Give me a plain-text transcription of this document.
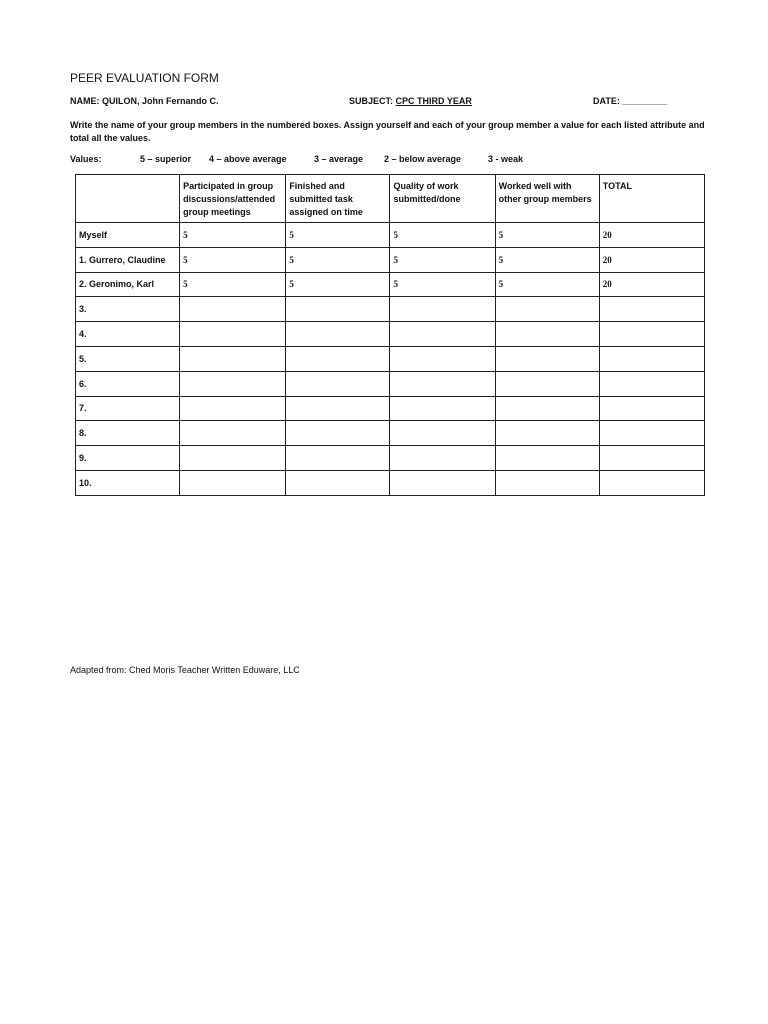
PEER EVALUATION FORM
NAME: QUILON, John Fernando C.	SUBJECT: CPC THIRD YEAR	DATE: _________
Write the name of your group members in the numbered boxes. Assign yourself and each of your group member a value for each listed attribute and total all the values.
Values:	5 – superior 4 – above average	3 – average 2 – below average	3 - weak
	Participated in group discussions/attended group meetings	Finished and submitted task assigned on time	Quality of work submitted/done	Worked well with other group members	TOTAL
Myself	5	5	5	5	20
1. Gurrero, Claudine	5	5	5	5	20
2. Geronimo, Karl	5	5	5	5	20
3.					
4.					
5.					
6.					
7.					
8.					
9.					
10.					
Adapted from: Ched Moris Teacher Written Eduware, LLC
